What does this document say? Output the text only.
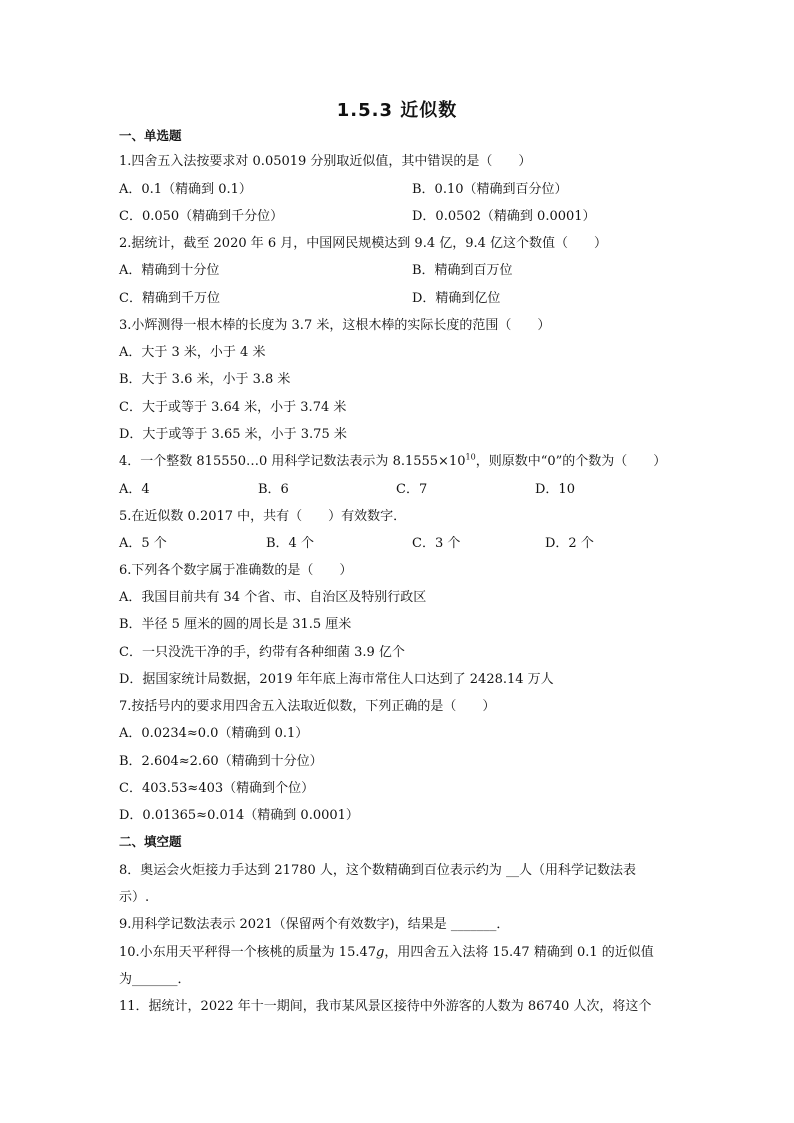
1.5.3 近似数
一、单选题
1.四舍五入法按要求对 0.05019 分别取近似值，其中错误的是（　　）
A．0.1（精确到 0.1）	B．0.10（精确到百分位）
C．0.050（精确到千分位）	D．0.0502（精确到 0.0001）
2.据统计，截至 2020 年 6 月，中国网民规模达到 9.4 亿，9.4 亿这个数值（　　）
A．精确到十分位	B．精确到百万位
C．精确到千万位	D．精确到亿位
3.小辉测得一根木棒的长度为 3.7 米，这根木棒的实际长度的范围（　　）
A．大于 3 米，小于 4 米
B．大于 3.6 米，小于 3.8 米
C．大于或等于 3.64 米，小于 3.74 米
D．大于或等于 3.65 米，小于 3.75 米
4．一个整数 815550…0 用科学记数法表示为 $8.1555\times 10^{10}$，则原数中“0”的个数为（　　）
A．4	B．6	C．7	D．10
5.在近似数 0.2017 中，共有（　　）有效数字．
A．5 个	B．4 个	C．3 个	D．2 个
6.下列各个数字属于准确数的是（　　）
A．我国目前共有 34 个省、市、自治区及特别行政区
B．半径 5 厘米的圆的周长是 31.5 厘米
C．一只没洗干净的手，约带有各种细菌 3.9 亿个
D．据国家统计局数据，2019 年年底上海市常住人口达到了 2428.14 万人
7.按括号内的要求用四舍五入法取近似数，下列正确的是（　　）
A．0.0234≈0.0（精确到 0.1）
B．2.604≈2.60（精确到十分位）
C．403.53≈403（精确到个位）
D．0.01365≈0.014（精确到 0.0001）
二、填空题
8．奥运会火炬接力手达到 21780 人，这个数精确到百位表示约为 __人（用科学记数法表
示）.
9.用科学记数法表示 2021（保留两个有效数字)，结果是 _______．
10.小东用天平秤得一个核桃的质量为 15.47g，用四舍五入法将 15.47 精确到 0.1 的近似值
为_______．
11．据统计，2022 年十一期间，我市某风景区接待中外游客的人数为 86740 人次，将这个
